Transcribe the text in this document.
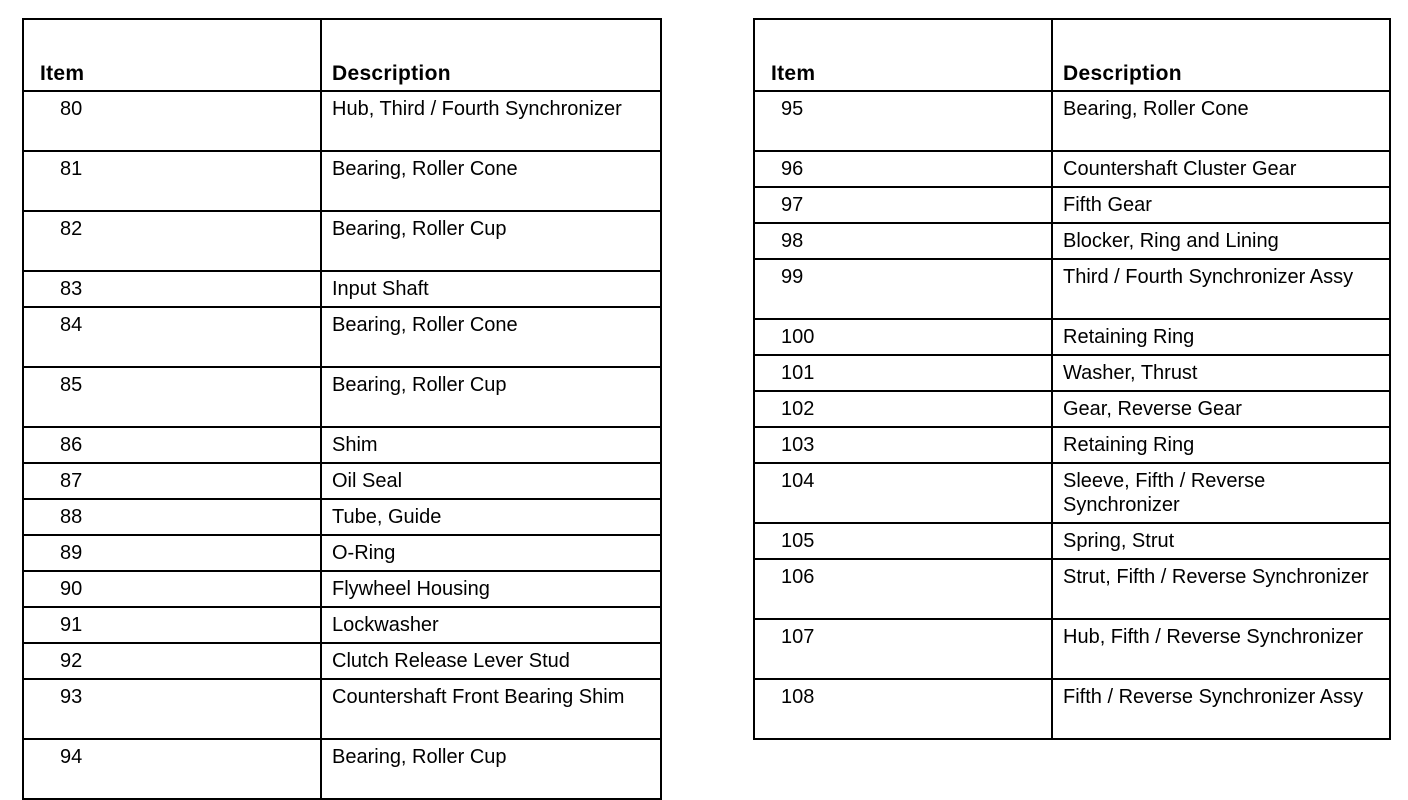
Item	Description
80	Hub, Third / Fourth Synchronizer
81	Bearing, Roller Cone
82	Bearing, Roller Cup
83	Input Shaft
84	Bearing, Roller Cone
85	Bearing, Roller Cup
86	Shim
87	Oil Seal
88	Tube, Guide
89	O-Ring
90	Flywheel Housing
91	Lockwasher
92	Clutch Release Lever Stud
93	Countershaft Front Bearing Shim
94	Bearing, Roller Cup
Item	Description
95	Bearing, Roller Cone
96	Countershaft Cluster Gear
97	Fifth Gear
98	Blocker, Ring and Lining
99	Third / Fourth Synchronizer Assy
100	Retaining Ring
101	Washer, Thrust
102	Gear, Reverse Gear
103	Retaining Ring
104	Sleeve, Fifth / Reverse Synchronizer
105	Spring, Strut
106	Strut, Fifth / Reverse Synchronizer
107	Hub, Fifth / Reverse Synchronizer
108	Fifth / Reverse Synchronizer Assy
